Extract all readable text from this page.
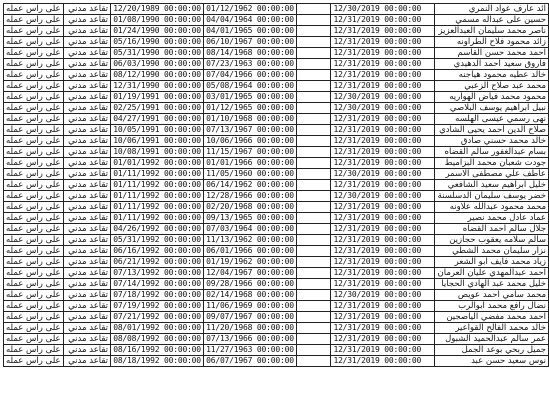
على راس عمله	تقاعد مدني	12/20/1989 00:00:00	01/12/1962 00:00:00		12/30/2019 00:00:00	ائد عارف عواد النمري
على راس عمله	تقاعد مدني	01/08/1990 00:00:00	04/04/1964 00:00:00		12/31/2019 00:00:00	حسين على عبداله مسمي
على راس عمله	تقاعد مدني	01/24/1990 00:00:00	04/01/1965 00:00:00		12/31/2019 00:00:00	ناصر محمد سليمان العبدالعزيز
على راس عمله	تقاعد مدني	05/16/1990 00:00:00	06/10/1967 00:00:00		12/31/2019 00:00:00	زائد محمود فلاح الطراونه
على راس عمله	تقاعد مدني	05/31/1990 00:00:00	08/14/1968 00:00:00		12/31/2019 00:00:00	احمد محمد حسن القاسم
على راس عمله	تقاعد مدني	06/03/1990 00:00:00	07/23/1963 00:00:00		12/31/2019 00:00:00	فاروق سعيد احمد الدهيدي
على راس عمله	تقاعد مدني	08/12/1990 00:00:00	07/04/1966 00:00:00		12/31/2019 00:00:00	خالد عطيه محمود هياجنه
على راس عمله	تقاعد مدني	12/31/1990 00:00:00	05/08/1964 00:00:00		12/31/2019 00:00:00	محمد عبد صلاح الزعبي
على راس عمله	تقاعد مدني	01/19/1991 00:00:00	03/01/1965 00:00:00		12/30/2019 00:00:00	محمود محمد فياض الهواريه
على راس عمله	تقاعد مدني	02/25/1991 00:00:00	01/12/1965 00:00:00		12/30/2019 00:00:00	نبيل ابراهيم يوسف البلاصي
على راس عمله	تقاعد مدني	04/27/1991 00:00:00	01/10/1968 00:00:00		12/31/2019 00:00:00	نهى رسمي عيسى الهلسه
على راس عمله	تقاعد مدني	10/05/1991 00:00:00	07/13/1967 00:00:00		12/31/2019 00:00:00	صلاح الدين احمد يحيى الشادي
على راس عمله	تقاعد مدني	10/06/1991 00:00:00	10/06/1966 00:00:00		12/31/2019 00:00:00	خالد محمد حسني صادق
على راس عمله	تقاعد مدني	10/08/1991 00:00:00	11/15/1967 00:00:00		12/31/2019 00:00:00	بسام عبدالغفور سالم القضاه
على راس عمله	تقاعد مدني	01/01/1992 00:00:00	01/01/1966 00:00:00		12/31/2019 00:00:00	جودت شعبان محمد البزاميط
على راس عمله	تقاعد مدني	01/11/1992 00:00:00	11/05/1960 00:00:00		12/30/2019 00:00:00	عاطف علي مصطفى الاسمر
على راس عمله	تقاعد مدني	01/11/1992 00:00:00	06/14/1962 00:00:00		12/31/2019 00:00:00	خليل ابراهيم سعيد الشافعي
على راس عمله	تقاعد مدني	01/11/1992 00:00:00	12/28/1966 00:00:00		12/30/2019 00:00:00	خضر يوسف سليمان الدسلسنة
على راس عمله	تقاعد مدني	01/11/1992 00:00:00	02/20/1968 00:00:00		12/31/2019 00:00:00	محمد محمود عبدالله علاونه
على راس عمله	تقاعد مدني	01/11/1992 00:00:00	09/13/1965 00:00:00		12/31/2019 00:00:00	عماد عادل محمد نصير
على راس عمله	تقاعد مدني	04/26/1992 00:00:00	07/03/1964 00:00:00		12/31/2019 00:00:00	جلال سالم احمد القضاه
على راس عمله	تقاعد مدني	05/31/1992 00:00:00	11/13/1962 00:00:00		12/31/2019 00:00:00	سالم سلامه يعقوب حجازين
على راس عمله	تقاعد مدني	06/16/1992 00:00:00	06/01/1966 00:00:00		12/31/2019 00:00:00	نزار سليمان محمد الشطي
على راس عمله	تقاعد مدني	06/21/1992 00:00:00	01/19/1962 00:00:00		12/31/2019 00:00:00	زياد محمد فايف ابو الشعر
على راس عمله	تقاعد مدني	07/13/1992 00:00:00	12/04/1967 00:00:00		12/31/2019 00:00:00	احمد عبدالمهدي عليان العرمان
على راس عمله	تقاعد مدني	07/14/1992 00:00:00	09/28/1966 00:00:00		12/31/2019 00:00:00	خليل محمد عبد الهادي الحجايا
على راس عمله	تقاعد مدني	07/18/1992 00:00:00	02/14/1968 00:00:00		12/30/2019 00:00:00	محمد سامي احمد عويص
على راس عمله	تقاعد مدني	07/19/1992 00:00:00	11/06/1969 00:00:00		12/31/2019 00:00:00	نضال رافع محمد ابوالرب
على راس عمله	تقاعد مدني	07/21/1992 00:00:00	09/07/1967 00:00:00		12/31/2019 00:00:00	احمد محمد مفضي الياصجين
على راس عمله	تقاعد مدني	08/01/1992 00:00:00	11/20/1968 00:00:00		12/31/2019 00:00:00	خالد محمد الفالح القواعير
على راس عمله	تقاعد مدني	08/08/1992 00:00:00	07/13/1966 00:00:00		12/31/2019 00:00:00	عمر سالم عبدالحميد الشبول
على راس عمله	تقاعد مدني	08/16/1992 00:00:00	11/27/1963 00:00:00		12/31/2019 00:00:00	جميل ربحي بوعد الجمل
على راس عمله	تقاعد مدني	08/18/1992 00:00:00	06/07/1967 00:00:00		12/31/2019 00:00:00	نوس سعيد حسن عبد
